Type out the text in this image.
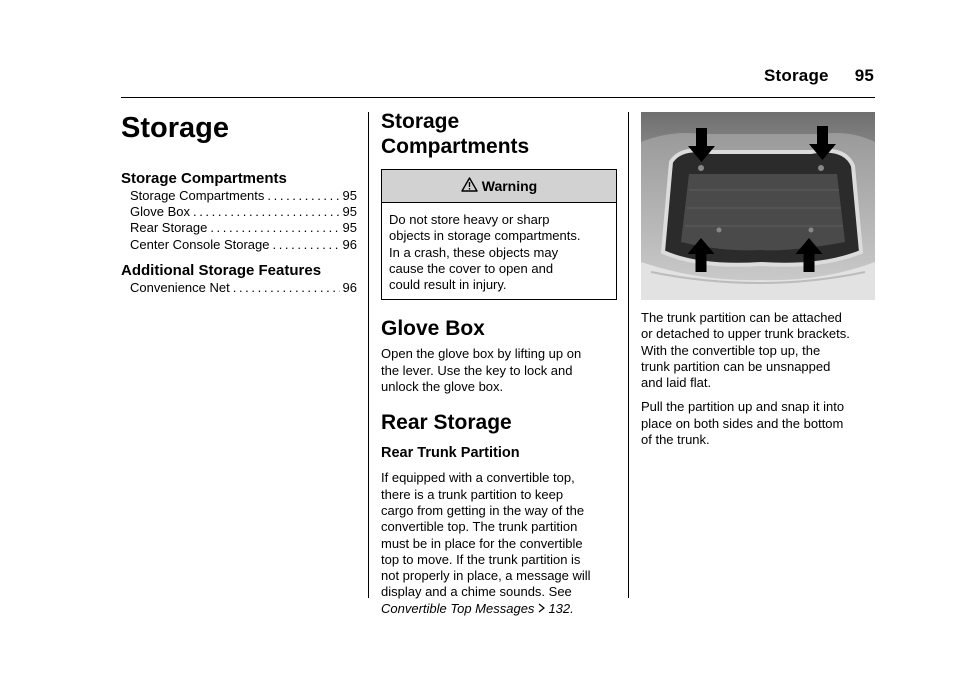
Storage 95
Storage
Storage Compartments
Storage Compartments . . .	95
Glove Box . . .	95
Rear Storage . . .	95
Center Console Storage . . .	96
Additional Storage Features
Convenience Net . . .	96
Storage
Compartments
Warning
Do not store heavy or sharp
objects in storage compartments.
In a crash, these objects may
cause the cover to open and
could result in injury.
Glove Box

Open the glove box by lifting up on
the lever. Use the key to lock and
unlock the glove box.

Rear Storage
Rear Trunk Partition

If equipped with a convertible top,
there is a trunk partition to keep
cargo from getting in the way of the
convertible top. The trunk partition
must be in place for the convertible
top to move. If the trunk partition is
not properly in place, a message will
display and a chime sounds. See
Convertible Top Messages 132.

The trunk partition can be attached
or detached to upper trunk brackets.
With the convertible top up, the
trunk partition can be unsnapped
and laid flat.

Pull the partition up and snap it into
place on both sides and the bottom
of the trunk.
